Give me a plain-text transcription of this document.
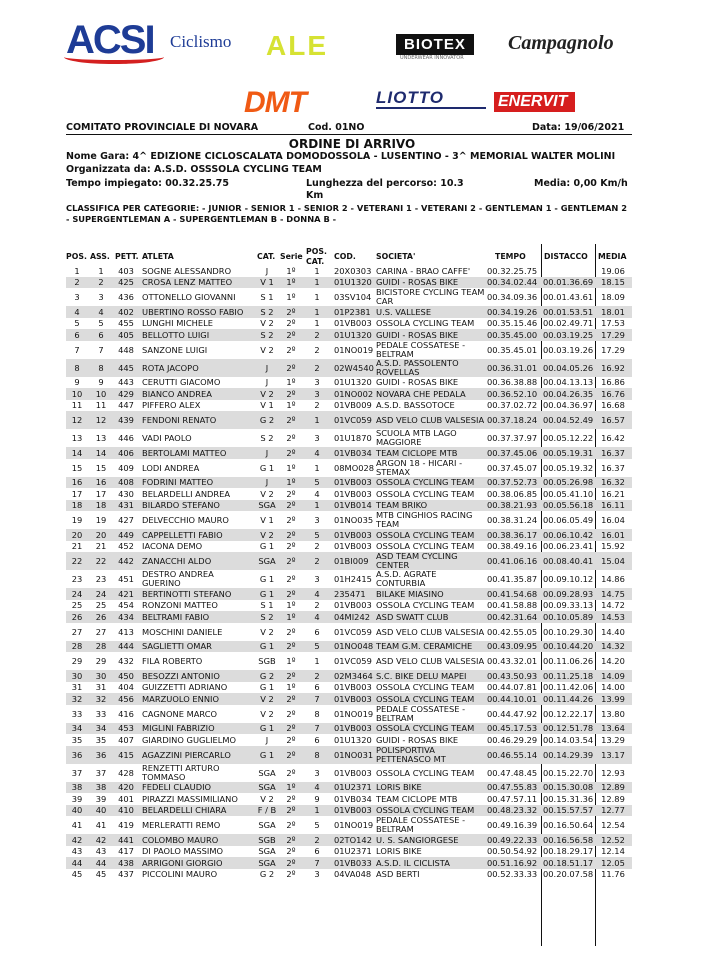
ACSI Ciclismo ALE	BIOTEX
UNDERWEAR INNOVATOR
Campagnolo
DMT	LIOTTO	ENERVIT
COMITATO PROVINCIALE DI NOVARA	Cod. 01NO	Data: 19/06/2021
ORDINE DI ARRIVO
Nome Gara: 4^ EDIZIONE CICLOSCALATA DOMODOSSOLA - LUSENTINO - 3^ MEMORIAL WALTER MOLINI
Organizzata da: A.S.D. OSSSOLA CYCLING TEAM
Tempo impiegato: 00.32.25.75	Lunghezza del percorso: 10.3
Km
Media: 0,00 Km/h
CLASSIFICA PER CATEGORIE: - JUNIOR - SENIOR 1 - SENIOR 2 - VETERANI 1 - VETERANI 2 - GENTLEMAN 1 - GENTLEMAN 2 - SUPERGENTLEMAN A - SUPERGENTLEMAN B - DONNA B -
POS. ASS. PETT. ATLETA	CAT. Serie
POS.
CAT.
COD.	SOCIETA'	TEMPO DISTACCO MEDIA
1	1	403 SOGNE ALESSANDRO	J	1º	1	20X0303 CARINA - BRAO CAFFE'	00.32.25.75	19.06
2	2	425 CROSA LENZ MATTEO	V 1	1º	1	01U1320 GUIDI - ROSAS BIKE	00.34.02.44 00.01.36.69 18.15
3	3	436 OTTONELLO GIOVANNI	S 1	1º	1	03SV104 BICISTORE CYCLING TEAM CAR	00.34.09.36 00.01.43.61 18.09
4	4	402 UBERTINO ROSSO FABIO	S 2	2º	1	01P2381 U.S. VALLESE	00.34.19.26 00.01.53.51 18.01
5	5	455 LUNGHI MICHELE	V 2	2º	1	01VB003 OSSOLA CYCLING TEAM	00.35.15.46 00.02.49.71 17.53
6	6	405 BELLOTTO LUIGI	S 2	2º	2	01U1320 GUIDI - ROSAS BIKE	00.35.45.00 00.03.19.25 17.29
7	7	448 SANZONE LUIGI	V 2	2º	2	01NO019 PEDALE COSSATESE - BELTRAM	00.35.45.01 00.03.19.26 17.29
8	8	445 ROTA JACOPO	J	2º	2	02W4540 A.S.D. PASSOLENTO ROVELLAS	00.36.31.01 00.04.05.26 16.92
9	9	443 CERUTTI GIACOMO	J	1º	3	01U1320 GUIDI - ROSAS BIKE	00.36.38.88 00.04.13.13 16.86
10	10	429 BIANCO ANDREA	V 2	2º	3	01NO002 NOVARA CHE PEDALA	00.36.52.10 00.04.26.35 16.76
11	11	447 PIFFERO ALEX	V 1	1º	2	01VB009 A.S.D. BASSOTOCE	00.37.02.72 00.04.36.97 16.68
12	12	439 FENDONI RENATO	G 2	2º	1	01VC059 ASD VELO CLUB VALSESIA 00.37.18.24 00.04.52.49 16.57
13	13	446 VADI PAOLO	S 2	2º	3	01U1870 SCUOLA MTB LAGO MAGGIORE	00.37.37.97 00.05.12.22 16.42
14	14	406 BERTOLAMI MATTEO	J	2º	4	01VB034 TEAM CICLOPE MTB	00.37.45.06 00.05.19.31 16.37
15	15	409 LODI ANDREA	G 1	1º	1	08MO028 ARGON 18 - HICARI - STEMAX	00.37.45.07 00.05.19.32 16.37
16	16	408 FODRINI MATTEO	J	1º	5	01VB003 OSSOLA CYCLING TEAM	00.37.52.73 00.05.26.98 16.32
17	17	430 BELARDELLI ANDREA	V 2	2º	4	01VB003 OSSOLA CYCLING TEAM	00.38.06.85 00.05.41.10 16.21
18	18	431 BILARDO STEFANO	SGA	2º	1	01VB014 TEAM BRIKO	00.38.21.93 00.05.56.18 16.11
19	19	427 DELVECCHIO MAURO	V 1	2º	3	01NO035 MTB CINGHIOS RACING TEAM	00.38.31.24 00.06.05.49 16.04
20	20	449 CAPPELLETTI FABIO	V 2	2º	5	01VB003 OSSOLA CYCLING TEAM	00.38.36.17 00.06.10.42 16.01
21	21	452 IACONA DEMO	G 1	2º	2	01VB003 OSSOLA CYCLING TEAM	00.38.49.16 00.06.23.41 15.92
22	22	442 ZANACCHI ALDO	SGA	2º	2	01BI009 ASD TEAM CYCLING CENTER	00.41.06.16 00.08.40.41 15.04
23	23	451 DESTRO ANDREA GUERINO	G 1	2º	3	01H2415 A.S.D. AGRATE CONTURBIA	00.41.35.87 00.09.10.12 14.86
24	24	421 BERTINOTTI STEFANO	G 1	2º	4	235471	BILAKE MIASINO	00.41.54.68 00.09.28.93 14.75
25	25	454 RONZONI MATTEO	S 1	1º	2	01VB003 OSSOLA CYCLING TEAM	00.41.58.88 00.09.33.13 14.72
26	26	434 BELTRAMI FABIO	S 2	1º	4	04MI242 ASD SWATT CLUB	00.42.31.64 00.10.05.89 14.53
27	27	413 MOSCHINI DANIELE	V 2	2º	6	01VC059 ASD VELO CLUB VALSESIA 00.42.55.05 00.10.29.30 14.40
28	28	444 SAGLIETTI OMAR	G 1	2º	5	01NO048 TEAM G.M. CERAMICHE	00.43.09.95 00.10.44.20 14.32
29	29	432 FILA ROBERTO	SGB	1º	1	01VC059 ASD VELO CLUB VALSESIA 00.43.32.01 00.11.06.26 14.20
30	30	450 BESOZZI ANTONIO	G 2	2º	2	02M3464 S.C. BIKE DELU MAPEI	00.43.50.93 00.11.25.18 14.09
31	31	404 GUIZZETTI ADRIANO	G 1	1º	6	01VB003 OSSOLA CYCLING TEAM	00.44.07.81 00.11.42.06 14.00
32	32	456 MARZUOLO ENNIO	V 2	2º	7	01VB003 OSSOLA CYCLING TEAM	00.44.10.01 00.11.44.26 13.99
33	33	416 CAGNONE MARCO	V 2	2º	8	01NO019 PEDALE COSSATESE - BELTRAM	00.44.47.92 00.12.22.17 13.80
34	34	453 MIGLINI FABRIZIO	G 1	2º	7	01VB003 OSSOLA CYCLING TEAM	00.45.17.53 00.12.51.78 13.64
35	35	407 GIARDINO GUGLIELMO	J	2º	6	01U1320 GUIDI - ROSAS BIKE	00.46.29.29 00.14.03.54 13.29
36	36	415 AGAZZINI PIERCARLO	G 1	2º	8	01NO031 POLISPORTIVA PETTENASCO MT	00.46.55.14 00.14.29.39 13.17
37	37	428 RENZETTI ARTURO TOMMASO	SGA	2º	3	01VB003 OSSOLA CYCLING TEAM	00.47.48.45 00.15.22.70 12.93
38	38	420 FEDELI CLAUDIO	SGA	1º	4	01U2371 LORIS BIKE	00.47.55.83 00.15.30.08 12.89
39	39	401 PIRAZZI MASSIMILIANO	V 2	2º	9	01VB034 TEAM CICLOPE MTB	00.47.57.11 00.15.31.36 12.89
40	40	410 BELARDELLI CHIARA	F / B	2º	1	01VB003 OSSOLA CYCLING TEAM	00.48.23.32 00.15.57.57 12.77
41	41	419 MERLERATTI REMO	SGA	2º	5	01NO019 PEDALE COSSATESE - BELTRAM	00.49.16.39 00.16.50.64 12.54
42	42	441 COLOMBO MAURO	SGB	2º	2	02TO142 U. S. SANGIORGESE	00.49.22.33 00.16.56.58 12.52
43	43	417 DI PAOLO MASSIMO	SGA	2º	6	01U2371 LORIS BIKE	00.50.54.92 00.18.29.17 12.14
44	44	438 ARRIGONI GIORGIO	SGA	2º	7	01VB033 A.S.D. IL CICLISTA	00.51.16.92 00.18.51.17 12.05
45	45	437 PICCOLINI MAURO	G 2	2º	3	04VA048 ASD BERTI	00.52.33.33 00.20.07.58 11.76
